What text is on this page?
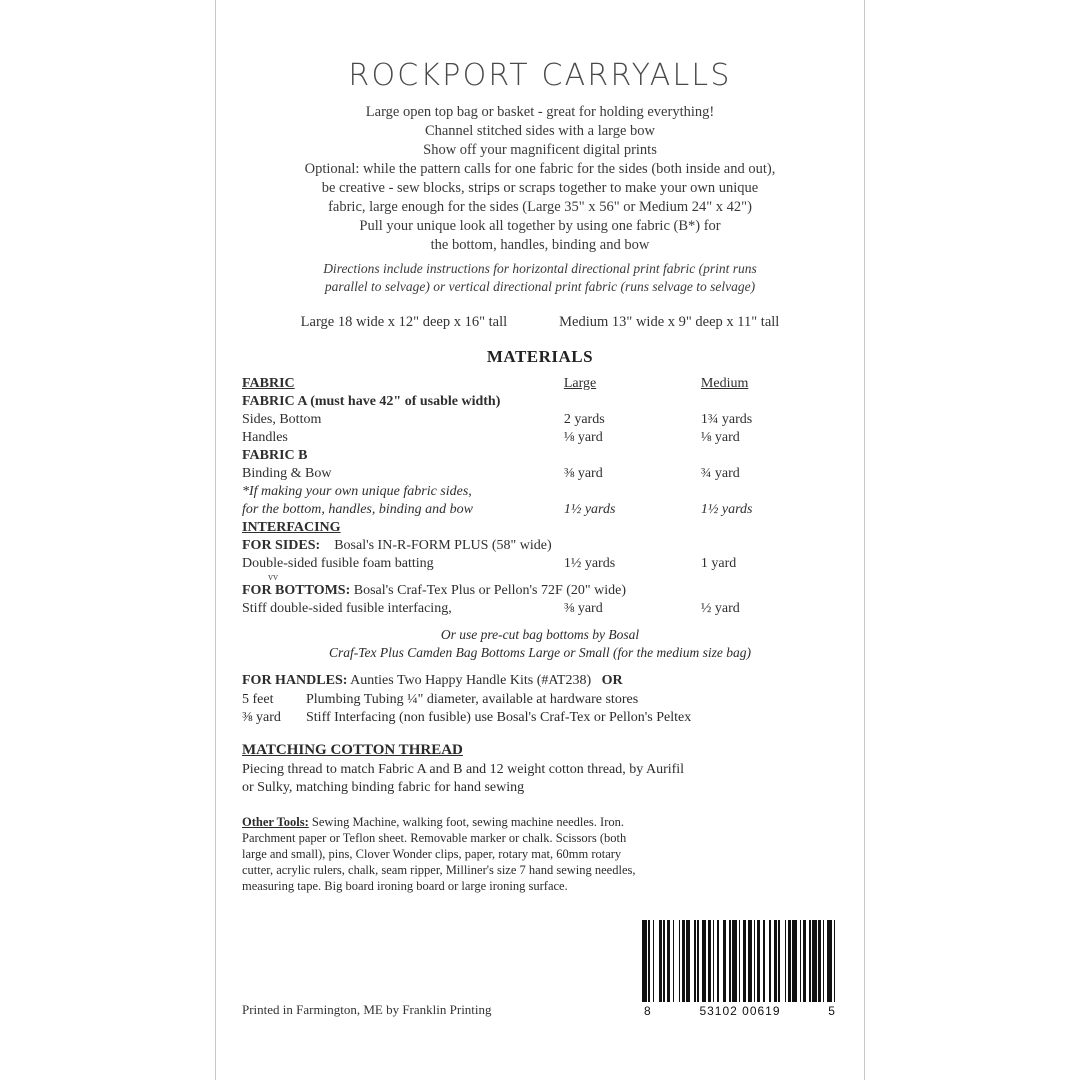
ROCKPORT CARRYALLS
Large open top bag or basket - great for holding everything!
Channel stitched sides with a large bow
Show off your magnificent digital prints
Optional: while the pattern calls for one fabric for the sides (both inside and out),
be creative - sew blocks, strips or scraps together to make your own unique
fabric, large enough for the sides (Large 35" x 56" or Medium 24" x 42")
Pull your unique look all together by using one fabric (B*) for
the bottom, handles, binding and bow
Directions include instructions for horizontal directional print fabric (print runs
parallel to selvage) or vertical directional print fabric (runs selvage to selvage)
Large 18 wide x 12" deep x 16" tall	Medium 13" wide x 9" deep x 11" tall
MATERIALS
FABRIC	Large	Medium
FABRIC A (must have 42" of usable width)		
Sides, Bottom	2 yards	1¾ yards
Handles	⅛ yard	⅛ yard
FABRIC B		
Binding & Bow	⅜ yard	¾ yard
*If making your own unique fabric sides,		
for the bottom, handles, binding and bow	1½ yards	1½ yards
INTERFACING		
FOR SIDES: Bosal's IN-R-FORM PLUS (58" wide)		
Double-sided fusible foam batting	1½ yards	1 yard
vv
FOR BOTTOMS: Bosal's Craf-Tex Plus or Pellon's 72F (20" wide)
Stiff double-sided fusible interfacing,	⅜ yard	½ yard
Or use pre-cut bag bottoms by Bosal
Craf-Tex Plus Camden Bag Bottoms Large or Small (for the medium size bag)
FOR HANDLES: Aunties Two Happy Handle Kits (#AT238) OR
5 feet	Plumbing Tubing ¼" diameter, available at hardware stores
⅜ yard	Stiff Interfacing (non fusible) use Bosal's Craf-Tex or Pellon's Peltex
MATCHING COTTON THREAD
Piecing thread to match Fabric A and B and 12 weight cotton thread, by Aurifil
or Sulky, matching binding fabric for hand sewing
Other Tools: Sewing Machine, walking foot, sewing machine needles. Iron. Parchment paper or Teflon sheet. Removable marker or chalk. Scissors (both large and small), pins, Clover Wonder clips, paper, rotary mat, 60mm rotary cutter, acrylic rulers, chalk, seam ripper, Milliner's size 7 hand sewing needles, measuring tape. Big board ironing board or large ironing surface.
Printed in Farmington, ME by Franklin Printing	8	53102 00619	5
